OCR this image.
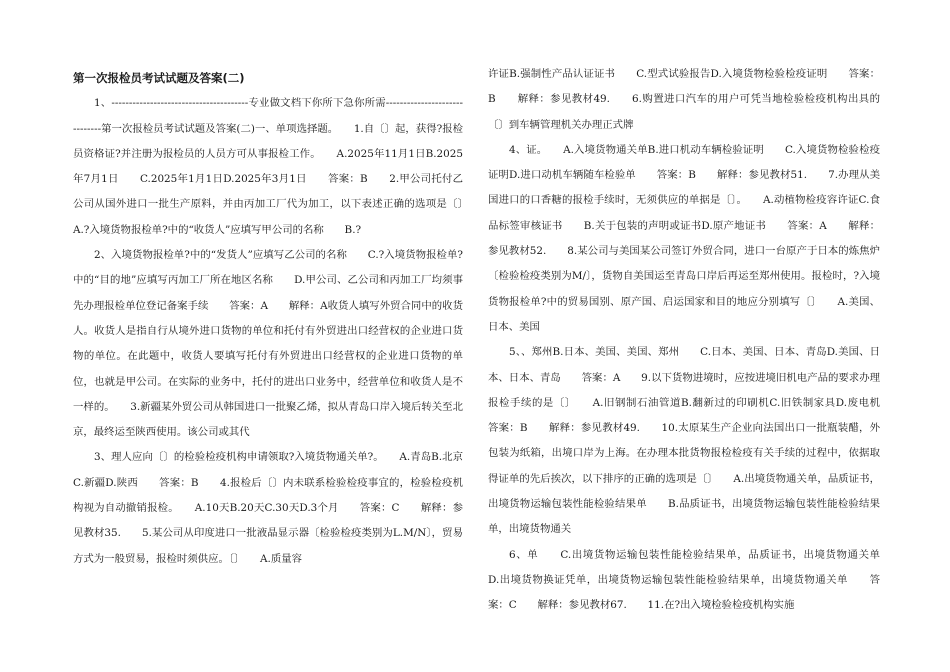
第一次报检员考试试题及答案(二)

1、---------------------------------------专业做文档下你所下急你所需------------------------------第一次报检员考试试题及答案(二)一、单项选择题。　　1.自〔〕起，获得?报检员资格证?并注册为报检员的人员方可从事报检工作。　　A.2025年11月1日B.2025年7月1日　　C.2025年1月1日D.2025年3月1日　　答案：B　　2.甲公司托付乙公司从国外进口一批生产原料，并由丙加工厂代为加工，以下表述正确的选项是〔〕　　A.?入境货物报检单?中的“收货人”应填写甲公司的名称　　B.?

2、入境货物报检单?中的“发货人”应填写乙公司的名称　　C.?入境货物报检单?中的“目的地”应填写丙加工厂所在地区名称　　D.甲公司、乙公司和丙加工厂均须事先办理报检单位登记备案手续　　答案：A　　解释：A收货人填写外贸合同中的收货人。收货人是指自行从境外进口货物的单位和托付有外贸进出口经营权的企业进口货物的单位。在此题中，收货人要填写托付有外贸进出口经营权的企业进口货物的单位，也就是甲公司。在实际的业务中，托付的进出口业务中，经营单位和收货人是不一样的。　　3.新疆某外贸公司从韩国进口一批聚乙烯，拟从青岛口岸入境后转关至北京，最终运至陕西使用。该公司或其代

3、理人应向〔〕的检验检疫机构申请领取?入境货物通关单?。　　A.青岛B.北京C.新疆D.陕西　　答案：B　　4.报检后〔〕内未联系检验检疫事宜的，检验检疫机构视为自动撤销报检。　　A.10天B.20天C.30天D.3个月　　答案：C　　解释：参见教材35.　　5.某公司从印度进口一批液晶显示器〔检验检疫类别为L.M/N〕，贸易方式为一般贸易，报检时须供应。〔〕　　A.质量容

许证B.强制性产品认证证书　　C.型式试验报告D.入境货物检验检疫证明　　答案：B　　解释：参见教材49.　　6.购置进口汽车的用户可凭当地检验检疫机构出具的〔〕到车辆管理机关办理正式牌

4、证。　　A.入境货物通关单B.进口机动车辆检验证明　　C.入境货物检验检疫证明D.进口动机车辆随车检验单　　答案：B　　解释：参见教材51.　　7.办理从美国进口的口香糖的报检手续时，无须供应的单据是〔〕。　　A.动植物检疫容许证C.食品标签审核证书　　B.关于包装的声明或证书D.原产地证书　　答案：A　　解释：参见教材52.　　8.某公司与美国某公司签订外贸合同，进口一台原产于日本的炼焦炉〔检验检疫类别为M/〕，货物自美国运至青岛口岸后再运至郑州使用。报检时，?入境货物报检单?中的贸易国别、原产国、启运国家和目的地应分别填写〔〕　　A.美国、日本、美国

5、、郑州B.日本、美国、美国、郑州　　C.日本、美国、日本、青岛D.美国、日本、日本、青岛　　答案：A　　9.以下货物进境时，应按进境旧机电产品的要求办理报检手续的是〔〕　　A.旧钢制石油管道B.翻新过的印刷机C.旧铁制家具D.废电机　　答案：B　　解释：参见教材49.　　10.太原某生产企业向法国出口一批瓶装醋，外包装为纸箱，出境口岸为上海。在办理本批货物报检检疫有关手续的过程中，依据取得证单的先后挨次，以下排序的正确的选项是〔〕　　A.出境货物通关单，品质证书，出境货物运输包装性能检验结果单　　B.品质证书，出境货物运输包装性能检验结果单，出境货物通关

6、单　　C.出境货物运输包装性能检验结果单，品质证书，出境货物通关单　　D.出境货物换证凭单，出境货物运输包装性能检验结果单，出境货物通关单　　答案：C　　解释：参见教材67.　　11.在?出入境检验检疫机构实施
